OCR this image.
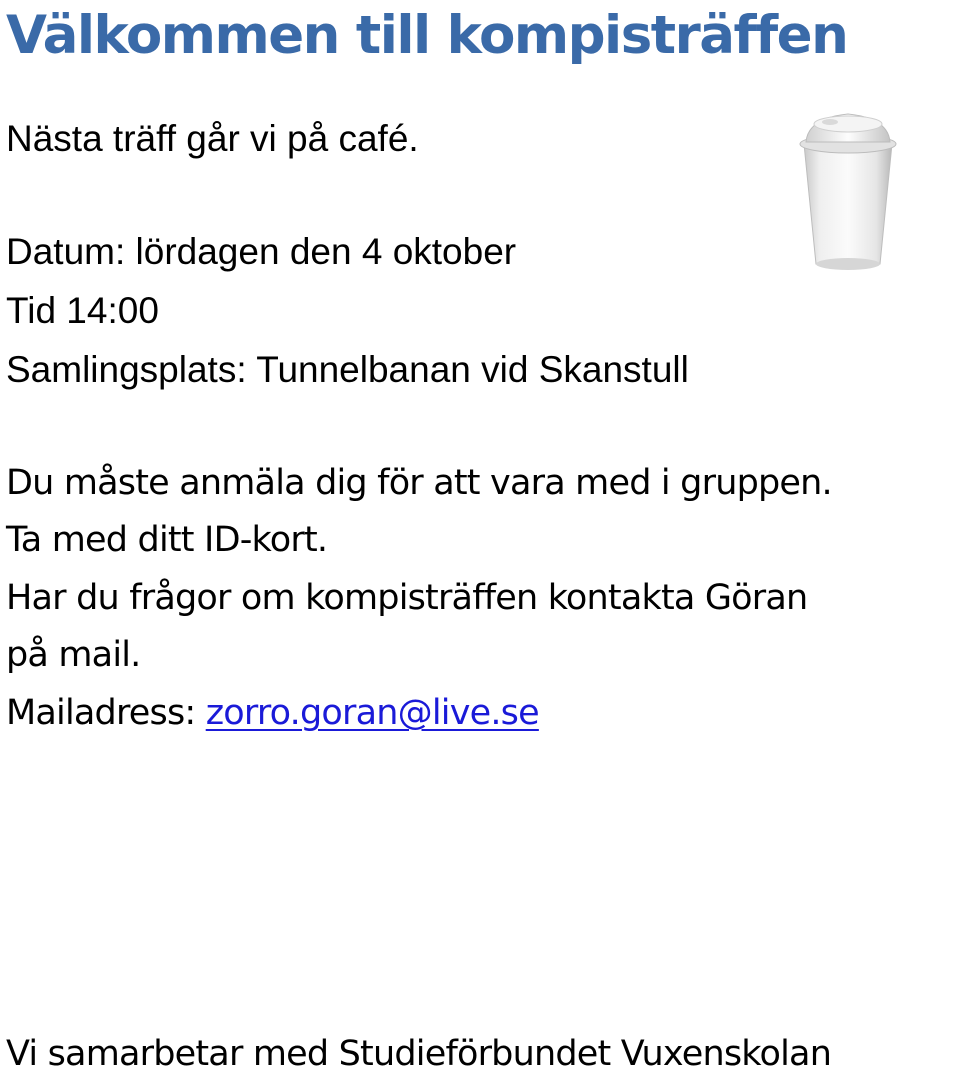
Välkommen till kompisträffen
Nästa träff går vi på café.
Datum: lördagen den 4 oktober
Tid 14:00
Samlingsplats: Tunnelbanan vid Skanstull
Du måste anmäla dig för att vara med i gruppen.
Ta med ditt ID-kort.
Har du frågor om kompisträffen kontakta Göran
på mail.
Mailadress: zorro.goran@live.se
Vi samarbetar med Studieförbundet Vuxenskolan
